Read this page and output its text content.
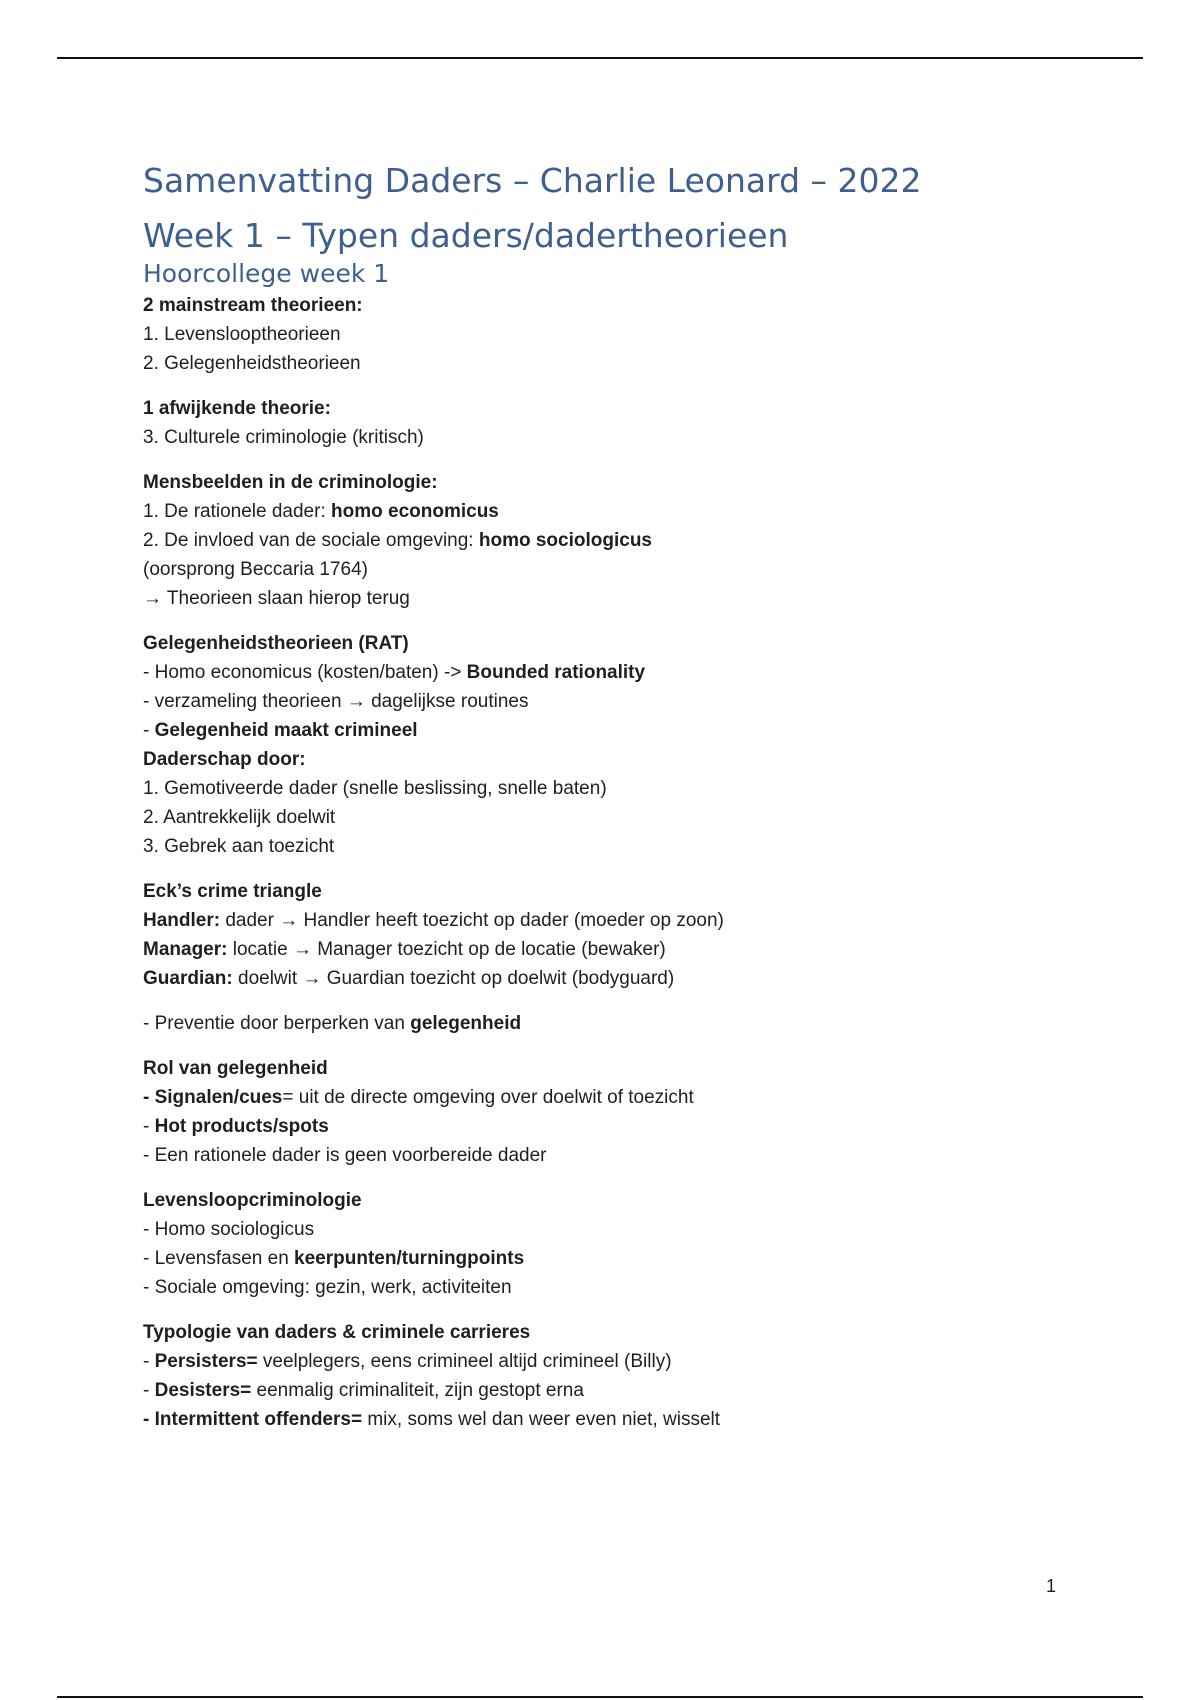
Samenvatting Daders – Charlie Leonard – 2022
Week 1 – Typen daders/dadertheorieen
Hoorcollege week 1
2 mainstream theorieen:
1. Levenslooptheorieen
2. Gelegenheidstheorieen
1 afwijkende theorie:
3. Culturele criminologie (kritisch)
Mensbeelden in de criminologie:
1. De rationele dader: homo economicus
2. De invloed van de sociale omgeving: homo sociologicus
(oorsprong Beccaria 1764)
→ Theorieen slaan hierop terug
Gelegenheidstheorieen (RAT)
- Homo economicus (kosten/baten) -> Bounded rationality
- verzameling theorieen → dagelijkse routines
- Gelegenheid maakt crimineel
Daderschap door:
1. Gemotiveerde dader (snelle beslissing, snelle baten)
2. Aantrekkelijk doelwit
3. Gebrek aan toezicht
Eck’s crime triangle
Handler: dader → Handler heeft toezicht op dader (moeder op zoon)
Manager: locatie → Manager toezicht op de locatie (bewaker)
Guardian: doelwit → Guardian toezicht op doelwit (bodyguard)
- Preventie door berperken van gelegenheid
Rol van gelegenheid
- Signalen/cues= uit de directe omgeving over doelwit of toezicht
- Hot products/spots
- Een rationele dader is geen voorbereide dader
Levensloopcriminologie
- Homo sociologicus
- Levensfasen en keerpunten/turningpoints
- Sociale omgeving: gezin, werk, activiteiten
Typologie van daders & criminele carrieres
- Persisters= veelplegers, eens crimineel altijd crimineel (Billy)
- Desisters= eenmalig criminaliteit, zijn gestopt erna
- Intermittent offenders= mix, soms wel dan weer even niet, wisselt
1
